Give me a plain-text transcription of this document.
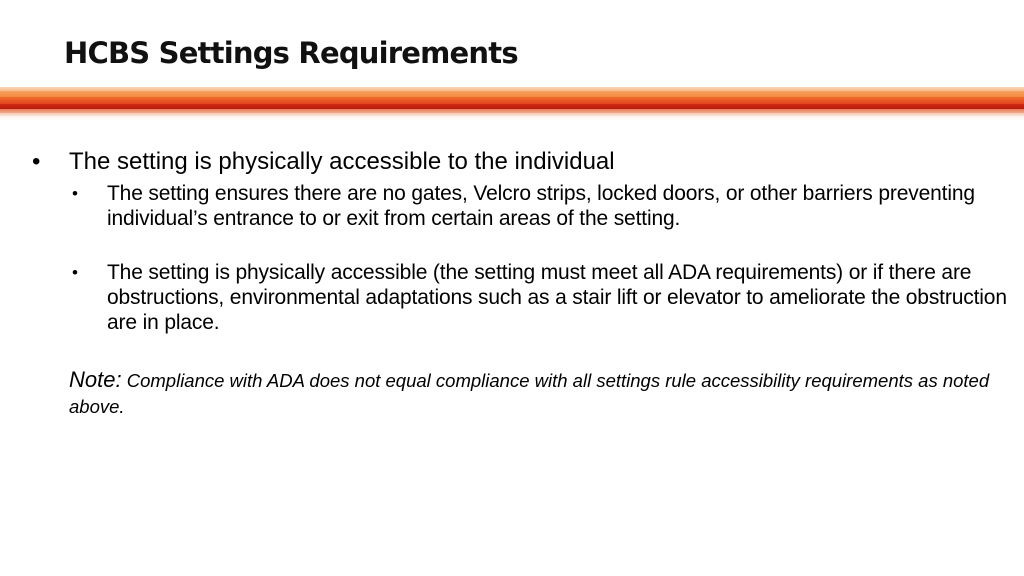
HCBS Settings Requirements
• The setting is physically accessible to the individual
• The setting ensures there are no gates, Velcro strips, locked doors, or other barriers preventing individual’s entrance to or exit from certain areas of the setting.
• The setting is physically accessible (the setting must meet all ADA requirements) or if there are obstructions, environmental adaptations such as a stair lift or elevator to ameliorate the obstruction are in place.
Note: Compliance with ADA does not equal compliance with all settings rule accessibility requirements as noted above.
